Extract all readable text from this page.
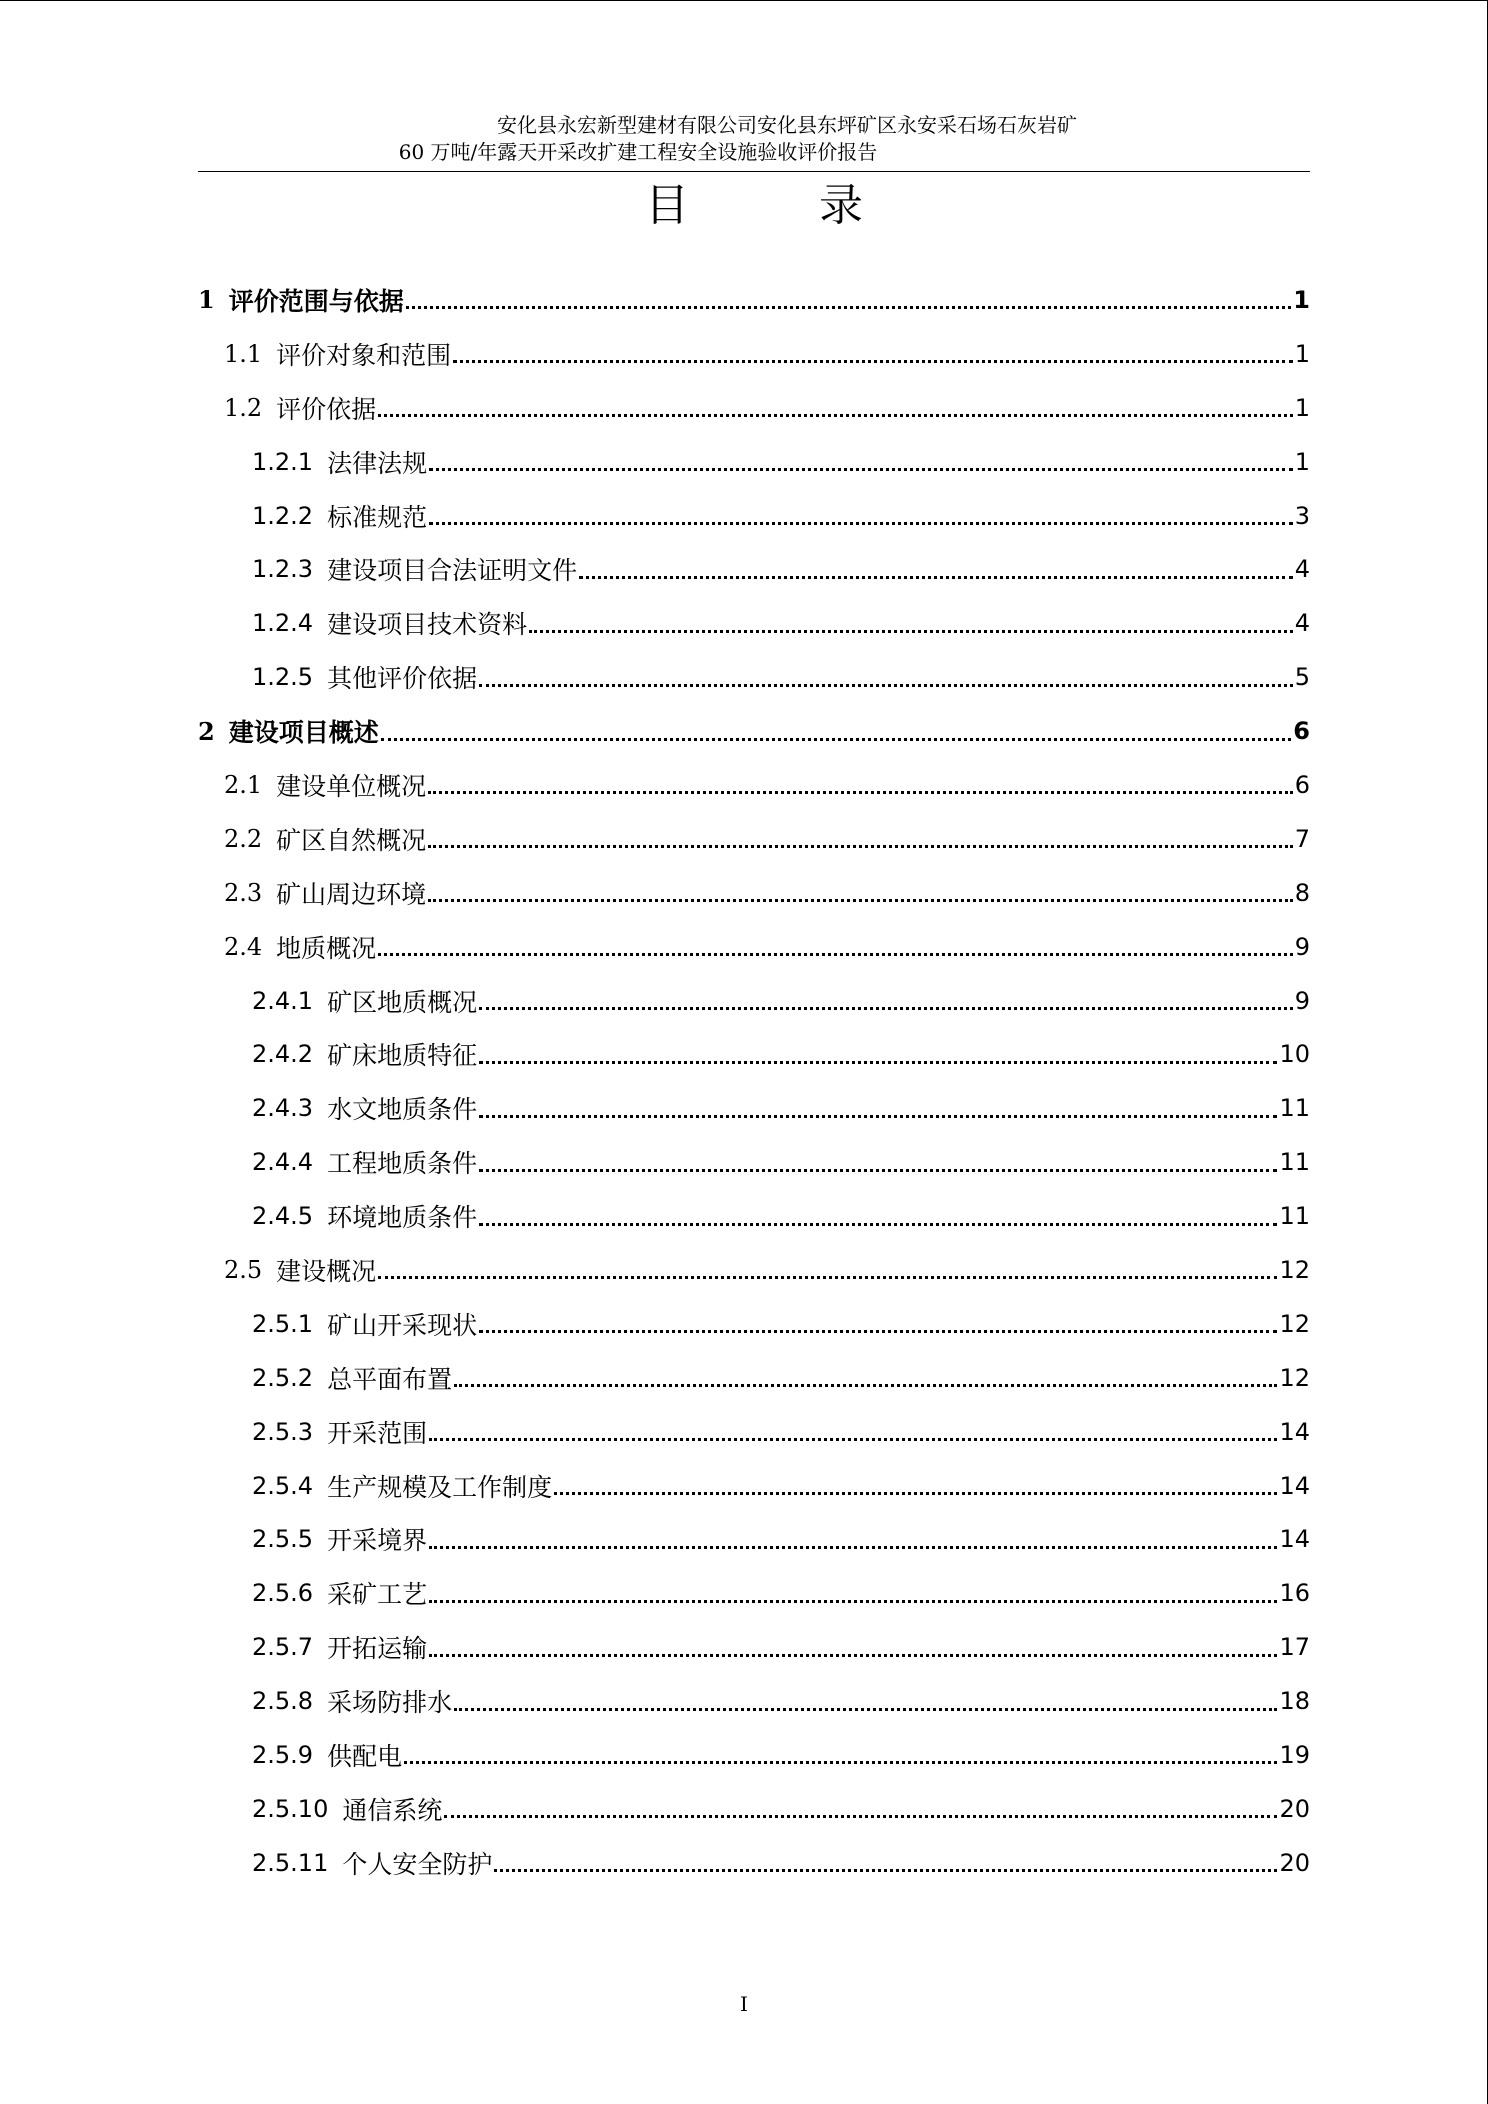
安化县永宏新型建材有限公司安化县东坪矿区永安采石场石灰岩矿
60 万吨/年露天开采改扩建工程安全设施验收评价报告
目 录
1 评价范围与依据	1
1.1 评价对象和范围	1
1.2 评价依据	1
1.2.1 法律法规	1
1.2.2 标准规范	3
1.2.3 建设项目合法证明文件	4
1.2.4 建设项目技术资料	4
1.2.5 其他评价依据	5
2 建设项目概述	6
2.1 建设单位概况	6
2.2 矿区自然概况	7
2.3 矿山周边环境	8
2.4 地质概况	9
2.4.1 矿区地质概况	9
2.4.2 矿床地质特征	10
2.4.3 水文地质条件	11
2.4.4 工程地质条件	11
2.4.5 环境地质条件	11
2.5 建设概况	12
2.5.1 矿山开采现状	12
2.5.2 总平面布置	12
2.5.3 开采范围	14
2.5.4 生产规模及工作制度	14
2.5.5 开采境界	14
2.5.6 采矿工艺	16
2.5.7 开拓运输	17
2.5.8 采场防排水	18
2.5.9 供配电	19
2.5.10 通信系统	20
2.5.11 个人安全防护	20
I
